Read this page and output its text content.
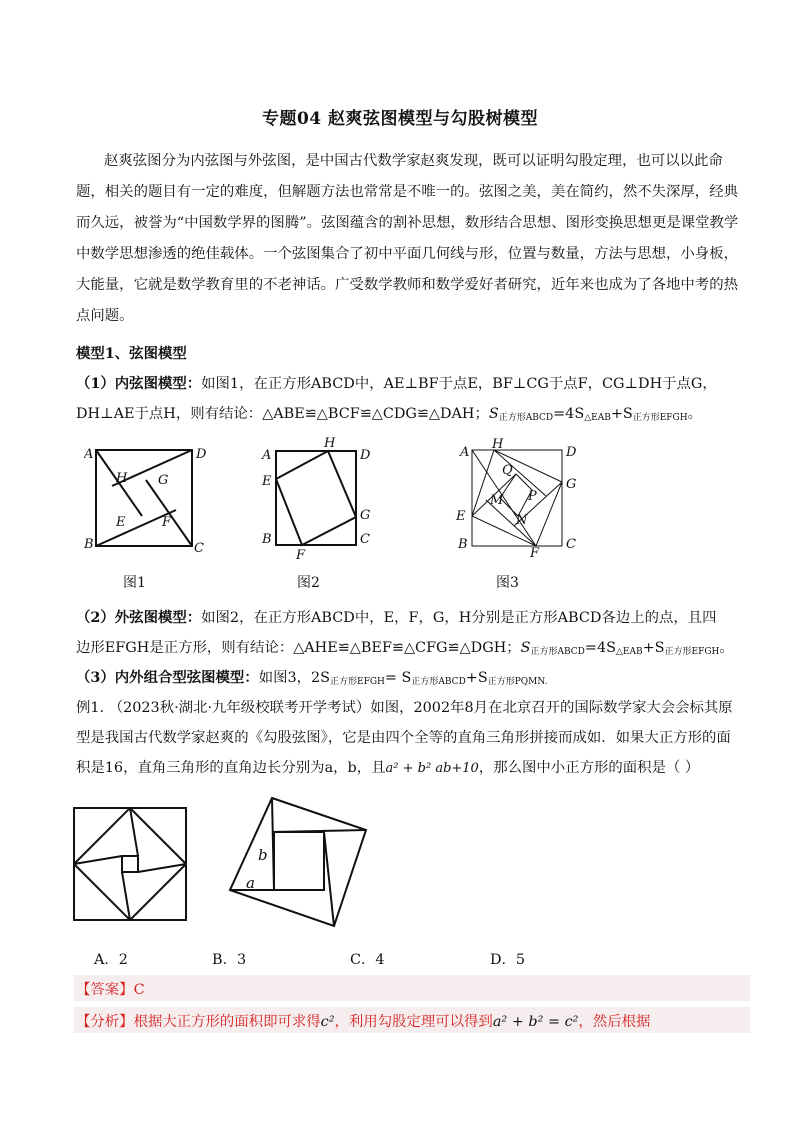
专题04 赵爽弦图模型与勾股树模型
赵爽弦图分为内弦图与外弦图，是中国古代数学家赵爽发现，既可以证明勾股定理，也可以以此命题，相关的题目有一定的难度，但解题方法也常常是不唯一的。弦图之美，美在简约，然不失深厚，经典而久远，被誉为“中国数学界的图腾”。弦图蕴含的割补思想，数形结合思想、图形变换思想更是课堂教学中数学思想渗透的绝佳载体。一个弦图集合了初中平面几何线与形，位置与数量，方法与思想，小身板，大能量，它就是数学教育里的不老神话。广受数学教师和数学爱好者研究，近年来也成为了各地中考的热点问题。
模型1、弦图模型
（1）内弦图模型：如图1，在正方形ABCD中，AE⊥BF于点E，BF⊥CG于点F，CG⊥DH于点G，
DH⊥AE于点H，则有结论：△ABE≌△BCF≌△CDG≌△DAH；$S_{正方形ABCD}=4S_{\triangle EAB}+S_{正方形EFGH}$。
A	D
H G
E	F
B	C
H
A	D
E
G
B
F
C
A
H
D
Q
G
M P
E	N
B
F
C
图1	图2	图3
（2）外弦图模型：如图2，在正方形ABCD中，E，F，G，H分别是正方形ABCD各边上的点，且四
边形EFGH是正方形，则有结论：△AHE≌△BEF≌△CFG≌△DGH；$S_{正方形ABCD}=4S_{\triangle EAB}+S_{正方形EFGH}$。
（3）内外组合型弦图模型：如图3，$2S_{正方形EFGH}= S_{正方形ABCD}+S_{正方形PQMN.}$
例1. （2023秋·湖北·九年级校联考开学考试）如图，2002年8月在北京召开的国际数学家大会会标其原
型是我国古代数学家赵爽的《勾股弦图》，它是由四个全等的直角三角形拼接而成如．如果大正方形的面
积是16，直角三角形的直角边长分别为a，b，且a² + b² ab+10，那么图中小正方形的面积是（ ）
b
a
A．2	B．3	C．4	D．5
【答案】C
【分析】根据大正方形的面积即可求得c²，利用勾股定理可以得到a² + b² = c²，然后根据
